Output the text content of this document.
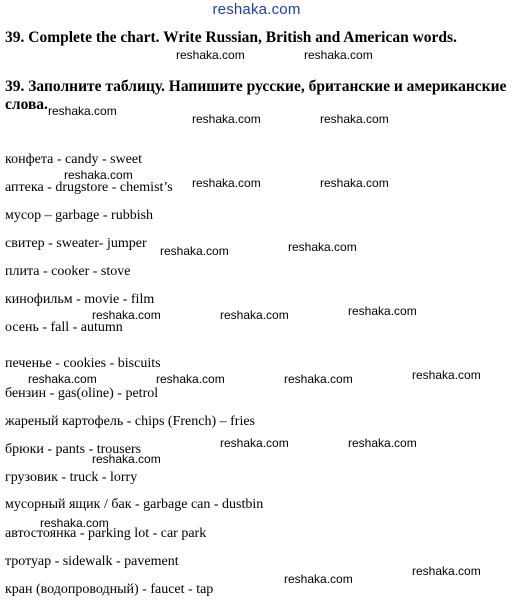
reshaka.com
39. Complete the chart. Write Russian, British and American words.
39. Заполните таблицу. Напишите русские, британские и американские слова.
конфета - candy - sweet
аптека - drugstore - chemist’s
мусор – garbage - rubbish
свитер - sweater- jumper
плита - cooker - stove
кинофильм - movie - film
осень - fall - autumn
печенье - cookies - biscuits
бензин - gas(oline) - petrol
жареный картофель - chips (French) – fries
брюки - pants - trousers
грузовик - truck - lorry
мусорный ящик / бак - garbage can - dustbin
автостоянка - parking lot - car park
тротуар - sidewalk - pavement
кран (водопроводный) - faucet - tap
reshaka.com	reshaka.com
reshaka.com
reshaka.com	reshaka.com
reshaka.com
reshaka.com	reshaka.com
reshaka.com	reshaka.com
reshaka.com	reshaka.com	reshaka.com
reshaka.com	reshaka.com	reshaka.com	reshaka.com
reshaka.com	reshaka.com
reshaka.com
reshaka.com
reshaka.com
reshaka.com
